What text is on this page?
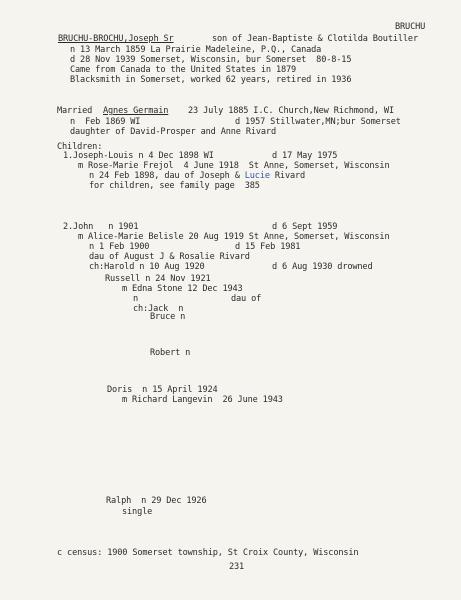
BRUCHU
BRUCHU-BROCHU,Joseph Sr	son of Jean-Baptiste & Clotilda Boutiller
n 13 March 1859 La Prairie Madeleine, P.Q., Canada
d 28 Nov 1939 Somerset, Wisconsin, bur Somerset  80-8-15
Came from Canada to the United States in 1879
Blacksmith in Somerset, worked 62 years, retired in 1936
Married Agnes Germain 23 July 1885 I.C. Church,New Richmond, WI
n  Feb 1869 WI	d 1957 Stillwater,MN;bur Somerset
daughter of David-Prosper and Anne Rivard
Children:
1.Joseph-Louis n 4 Dec 1898 WI	d 17 May 1975
m Rose-Marie Frejol  4 June 1918  St Anne, Somerset, Wisconsin
n 24 Feb 1898, dau of Joseph & Lucie Rivard
for children, see family page  385
2.John   n 1901	d 6 Sept 1959
m Alice-Marie Belisle 20 Aug 1919 St Anne, Somerset, Wisconsin
n 1 Feb 1900	d 15 Feb 1981
dau of August J & Rosalie Rivard
ch:Harold n 10 Aug 1920	d 6 Aug 1930 drowned
Russell n 24 Nov 1921
m Edna Stone 12 Dec 1943
n	dau of
ch:Jack  n
Bruce n
Robert n
Doris  n 15 April 1924
m Richard Langevin  26 June 1943
Ralph  n 29 Dec 1926
single
c census: 1900 Somerset township, St Croix County, Wisconsin
231
